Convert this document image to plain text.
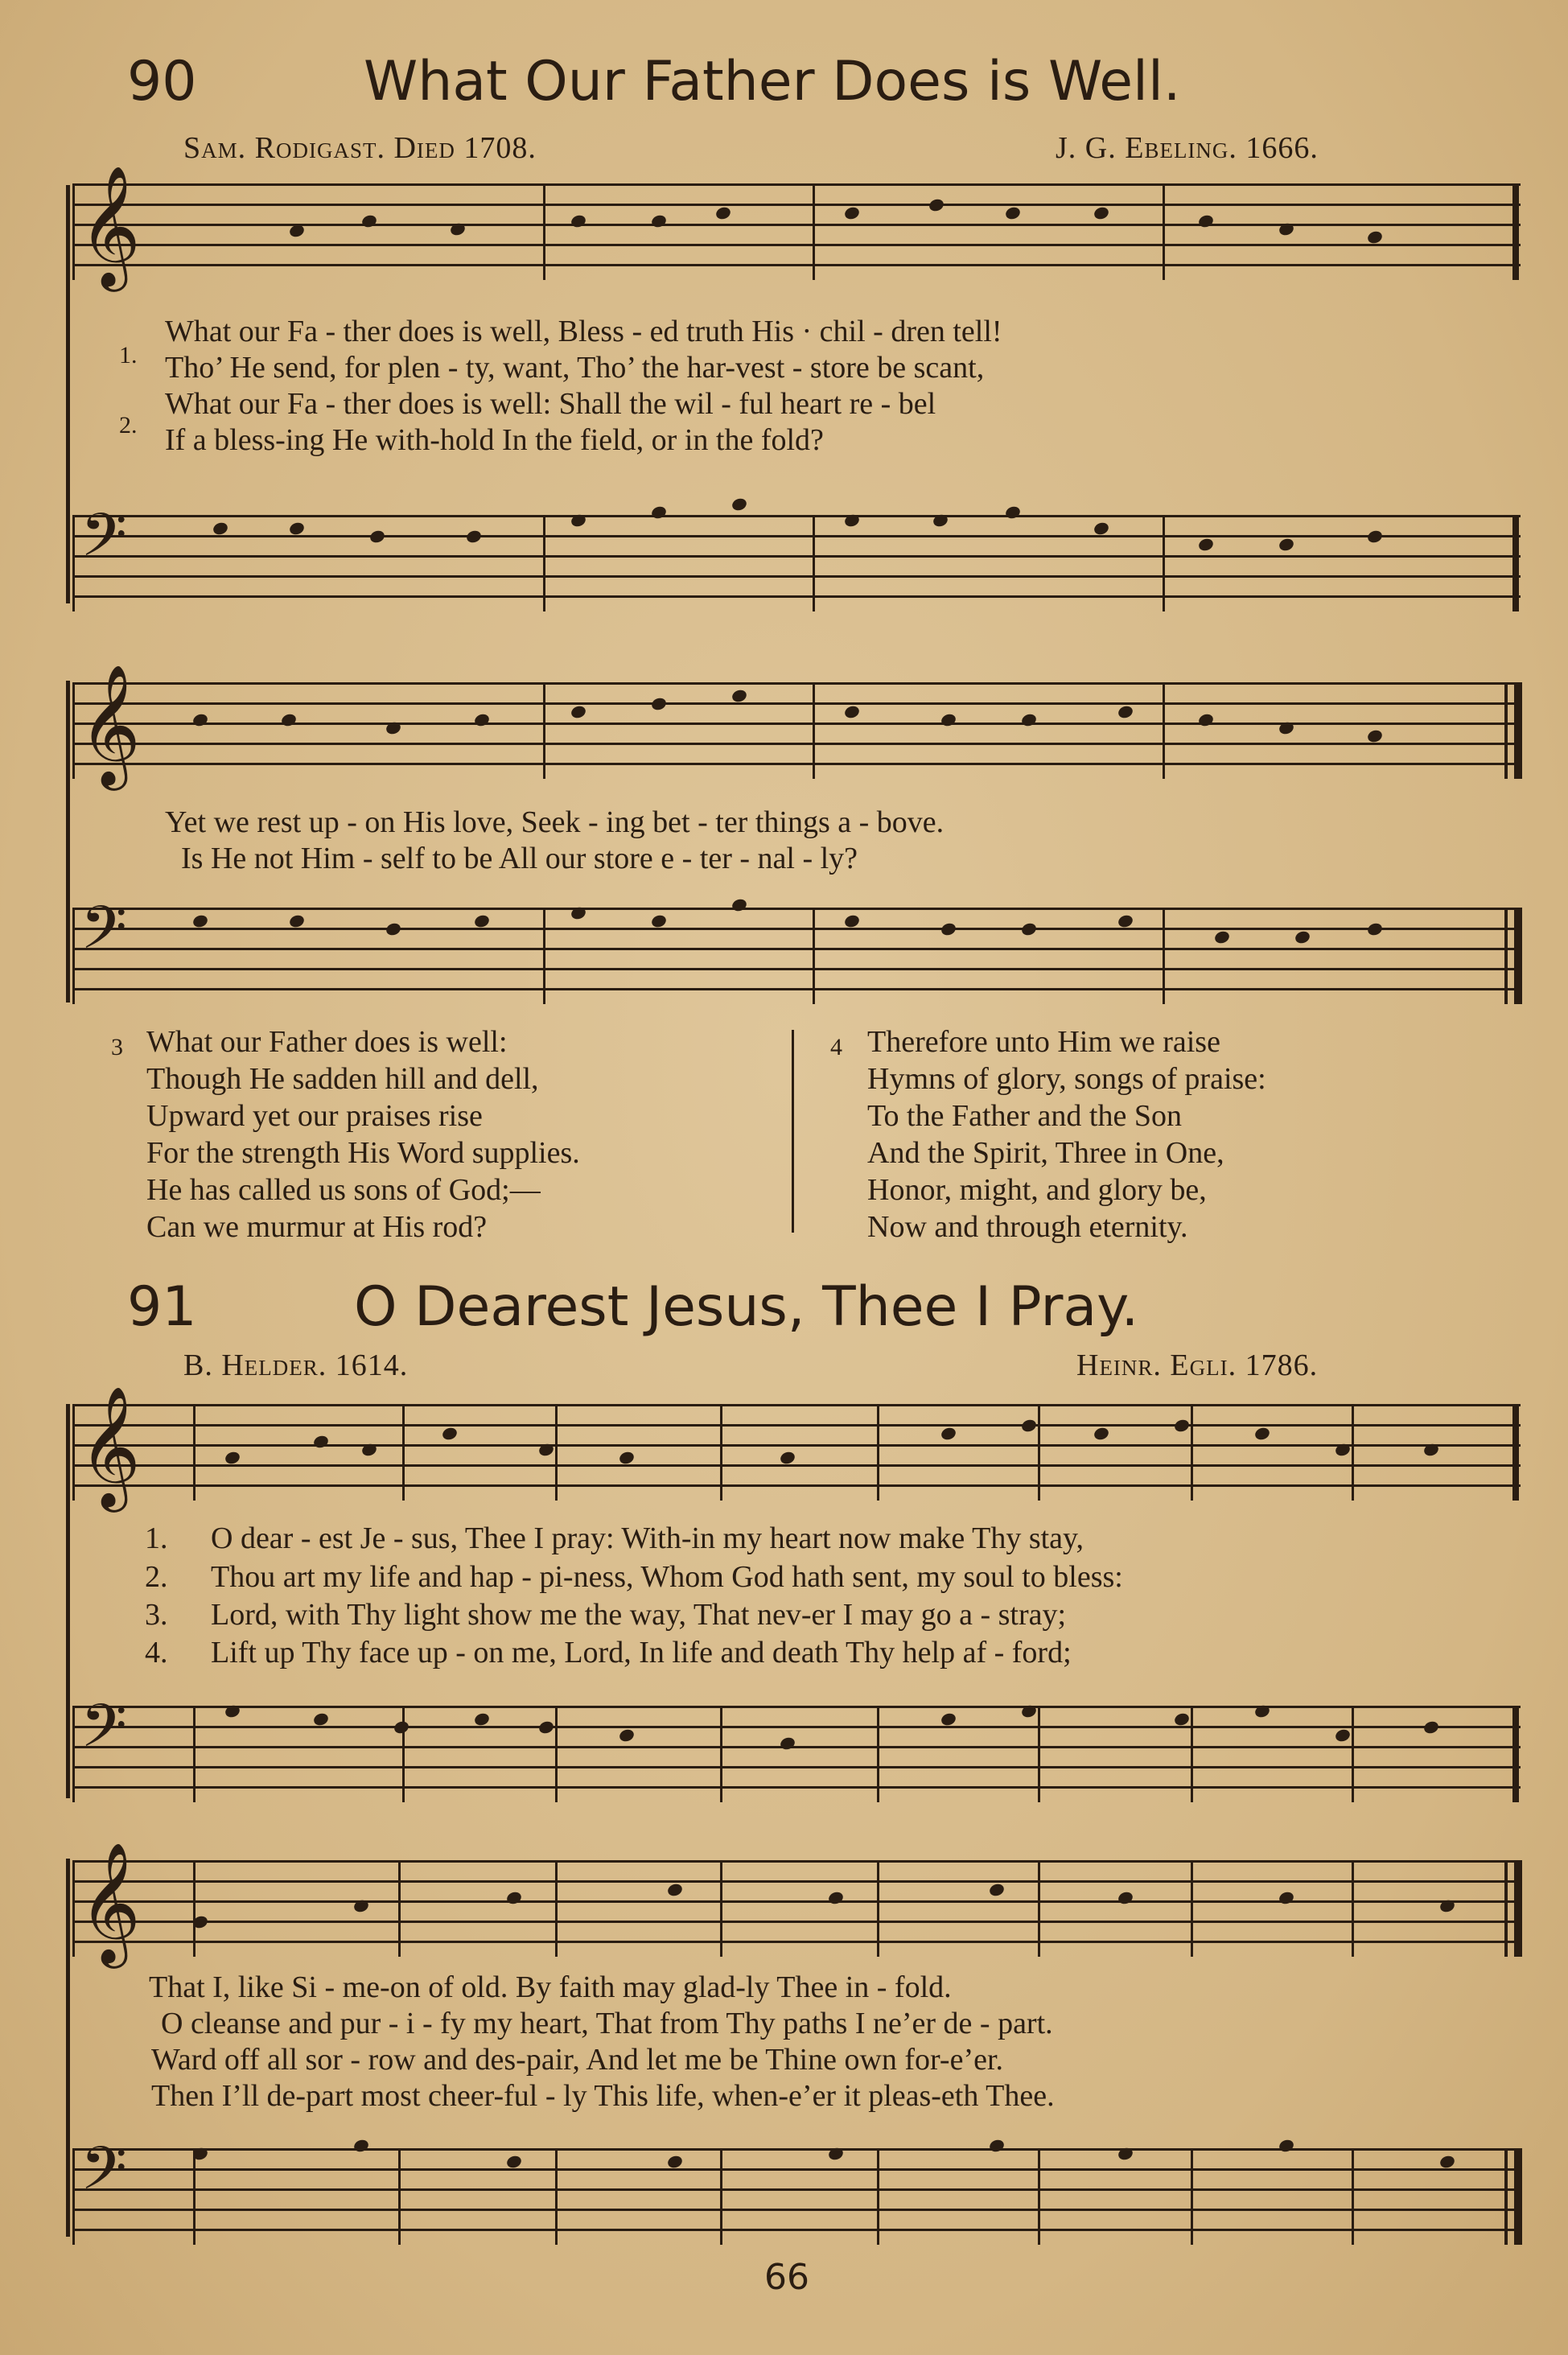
90	What Our Father Does is Well.
Sam. Rodigast. Died 1708.	J. G. Ebeling. 1666.
𝄞
1.
2.
What our Fa - ther does is well, Bless - ed truth His · chil - dren tell!
Tho’ He send, for plen - ty, want, Tho’ the har-vest - store be scant,
What our Fa - ther does is well: Shall the wil - ful heart re - bel
If a bless-ing He with-hold In the field, or in the fold?
𝄢
𝄞
Yet we rest up - on His love, Seek - ing bet - ter things a - bove.
Is He not Him - self to be All our store e - ter - nal - ly?
𝄢
3 What our Father does is well:
Though He sadden hill and dell,
Upward yet our praises rise
For the strength His Word supplies.
He has called us sons of God;—
Can we murmur at His rod?
4 Therefore unto Him we raise
Hymns of glory, songs of praise:
To the Father and the Son
And the Spirit, Three in One,
Honor, might, and glory be,
Now and through eternity.
91	O Dearest Jesus, Thee I Pray.
B. Helder. 1614.	Heinr. Egli. 1786.
𝄞
1.
2.
3.
4.
O dear - est Je - sus, Thee I pray: With-in my heart now make Thy stay,
Thou art my life and hap - pi-ness, Whom God hath sent, my soul to bless:
Lord, with Thy light show me the way, That nev-er I may go a - stray;
Lift up Thy face up - on me, Lord, In life and death Thy help af - ford;
𝄢
𝄞
That I, like Si - me-on of old. By faith may glad-ly Thee in - fold.
O cleanse and pur - i - fy my heart, That from Thy paths I ne’er de - part.
Ward off all sor - row and des-pair, And let me be Thine own for-e’er.
Then I’ll de-part most cheer-ful - ly This life, when-e’er it pleas-eth Thee.
𝄢
66
